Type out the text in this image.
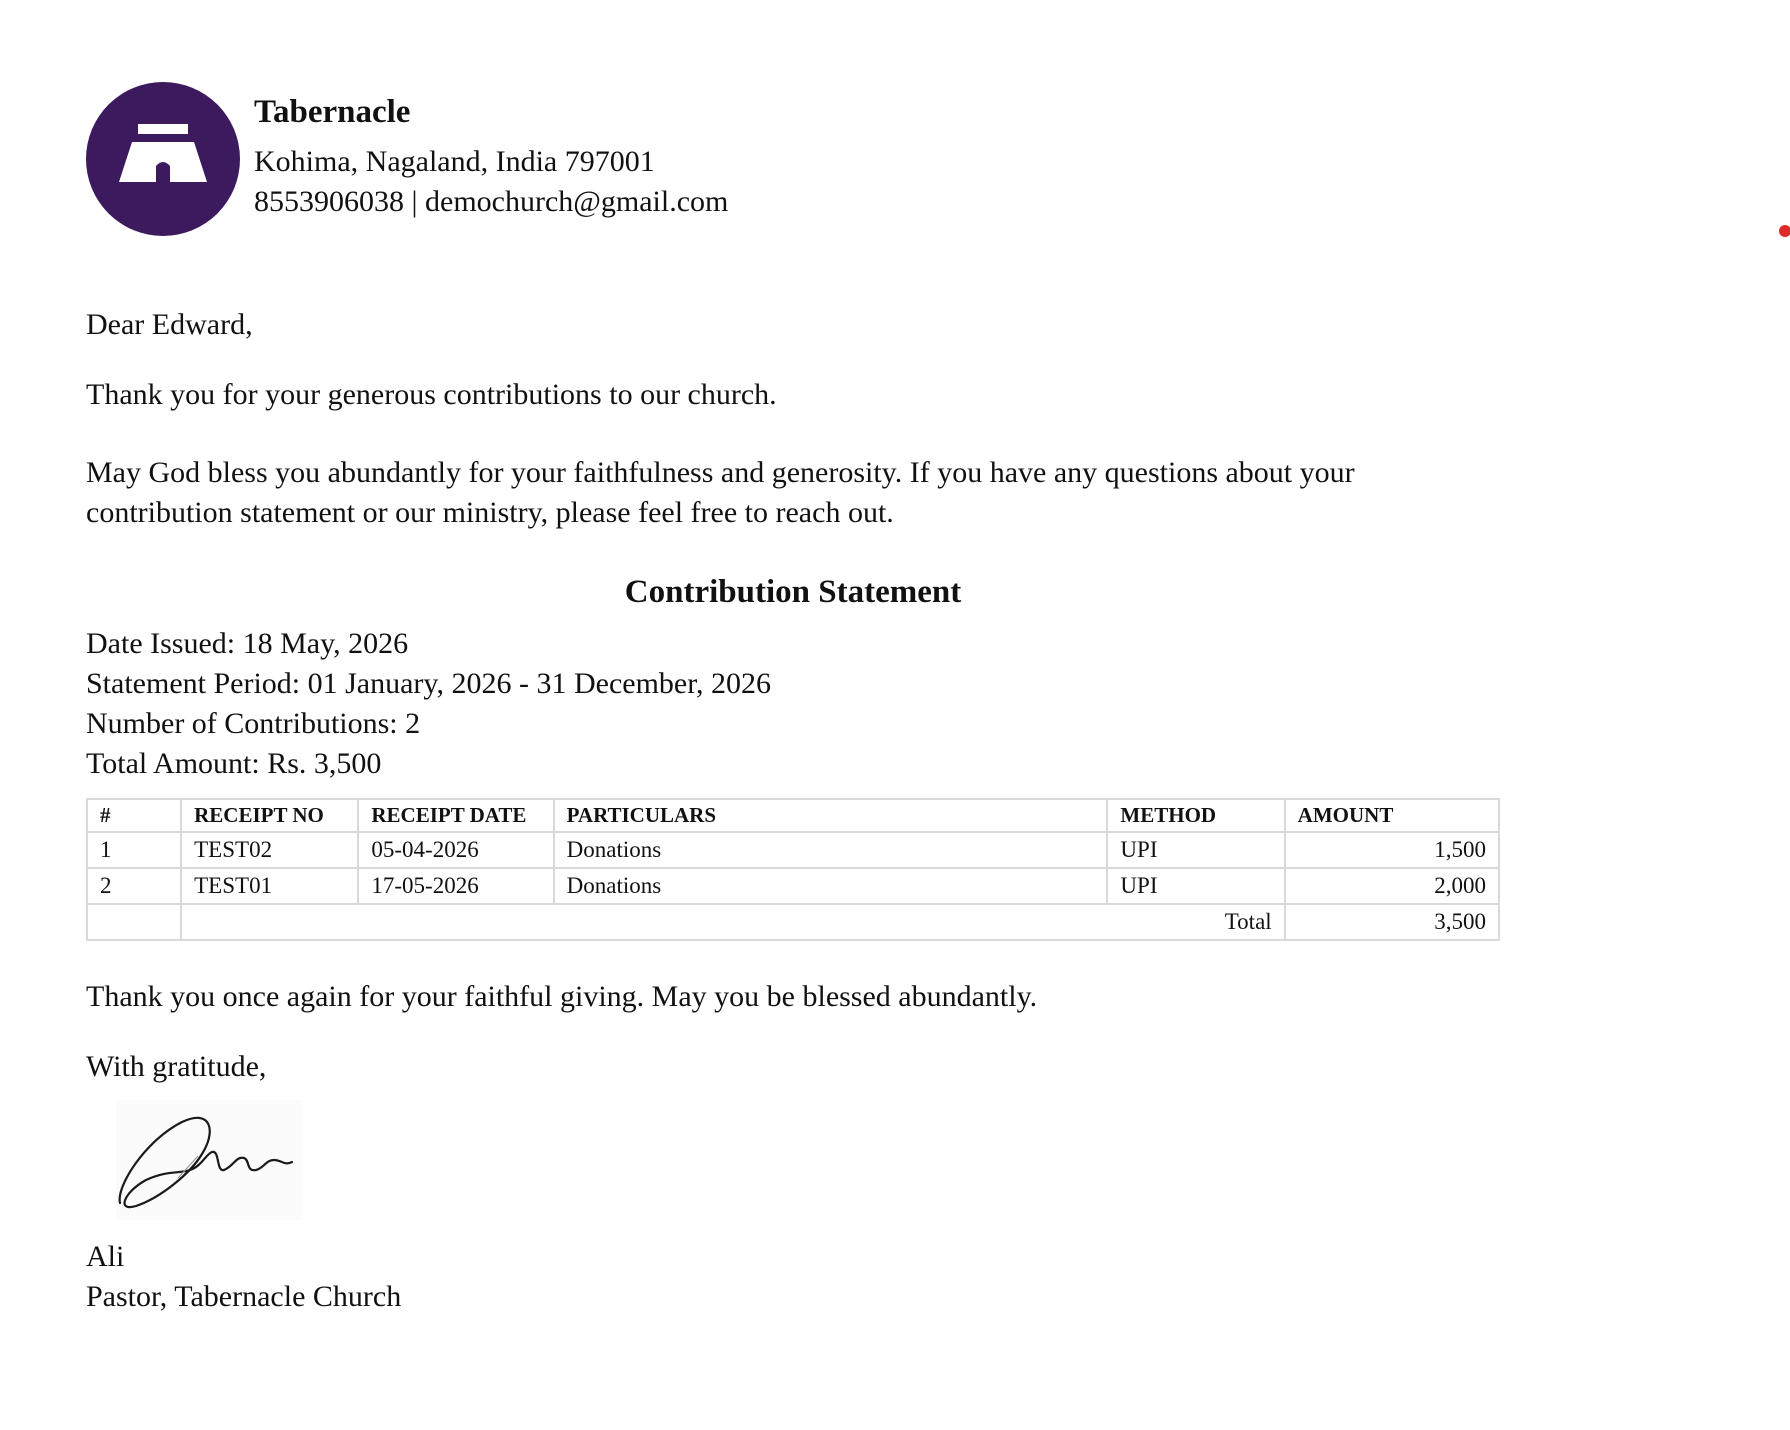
Tabernacle
Kohima, Nagaland, India 797001
8553906038 | demochurch@gmail.com
Dear Edward,
Thank you for your generous contributions to our church.
May God bless you abundantly for your faithfulness and generosity. If you have any questions about your contribution statement or our ministry, please feel free to reach out.
Contribution Statement
Date Issued: 18 May, 2026
Statement Period: 01 January, 2026 - 31 December, 2026
Number of Contributions: 2
Total Amount: Rs. 3,500
#	RECEIPT NO	RECEIPT DATE	PARTICULARS	METHOD	AMOUNT
1	TEST02	05-04-2026	Donations	UPI	1,500
2	TEST01	17-05-2026	Donations	UPI	2,000
	Total				3,500
Thank you once again for your faithful giving. May you be blessed abundantly.
With gratitude,
Ali
Pastor, Tabernacle Church
